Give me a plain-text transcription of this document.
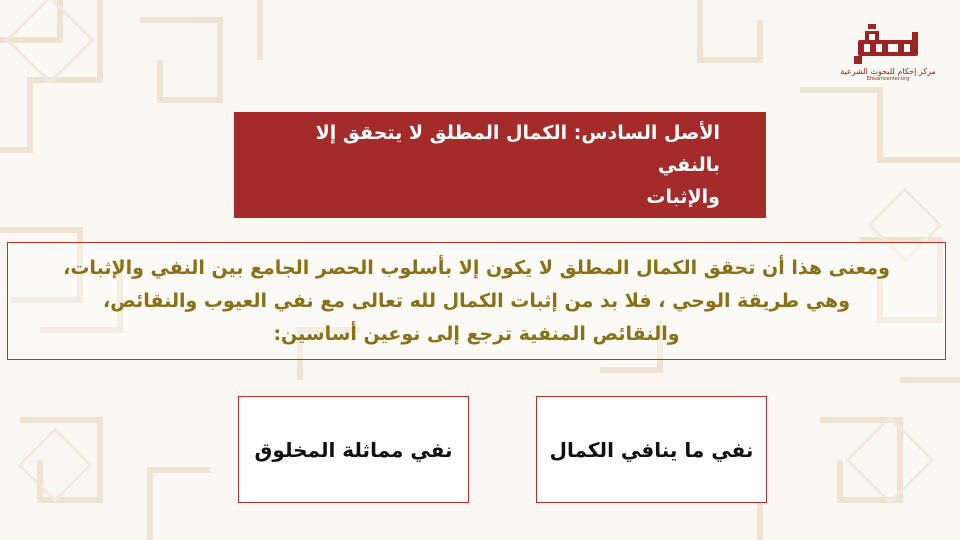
مركز إحكام للبحوث الشرعية
Ehkamcenter.org
الأصل السادس: الكمال المطلق لا يتحقق إلا بالنفي
والإثبات
ومعنى هذا أن تحقق الكمال المطلق لا يكون إلا بأسلوب الحصر الجامع بين النفي والإثبات،
وهي طريقة الوحي ، فلا بد من إثبات الكمال لله تعالى مع نفي العيوب والنقائص،
والنقائص المنفية ترجع إلى نوعين أساسين:
نفي مماثلة المخلوق	نفي ما ينافي الكمال
